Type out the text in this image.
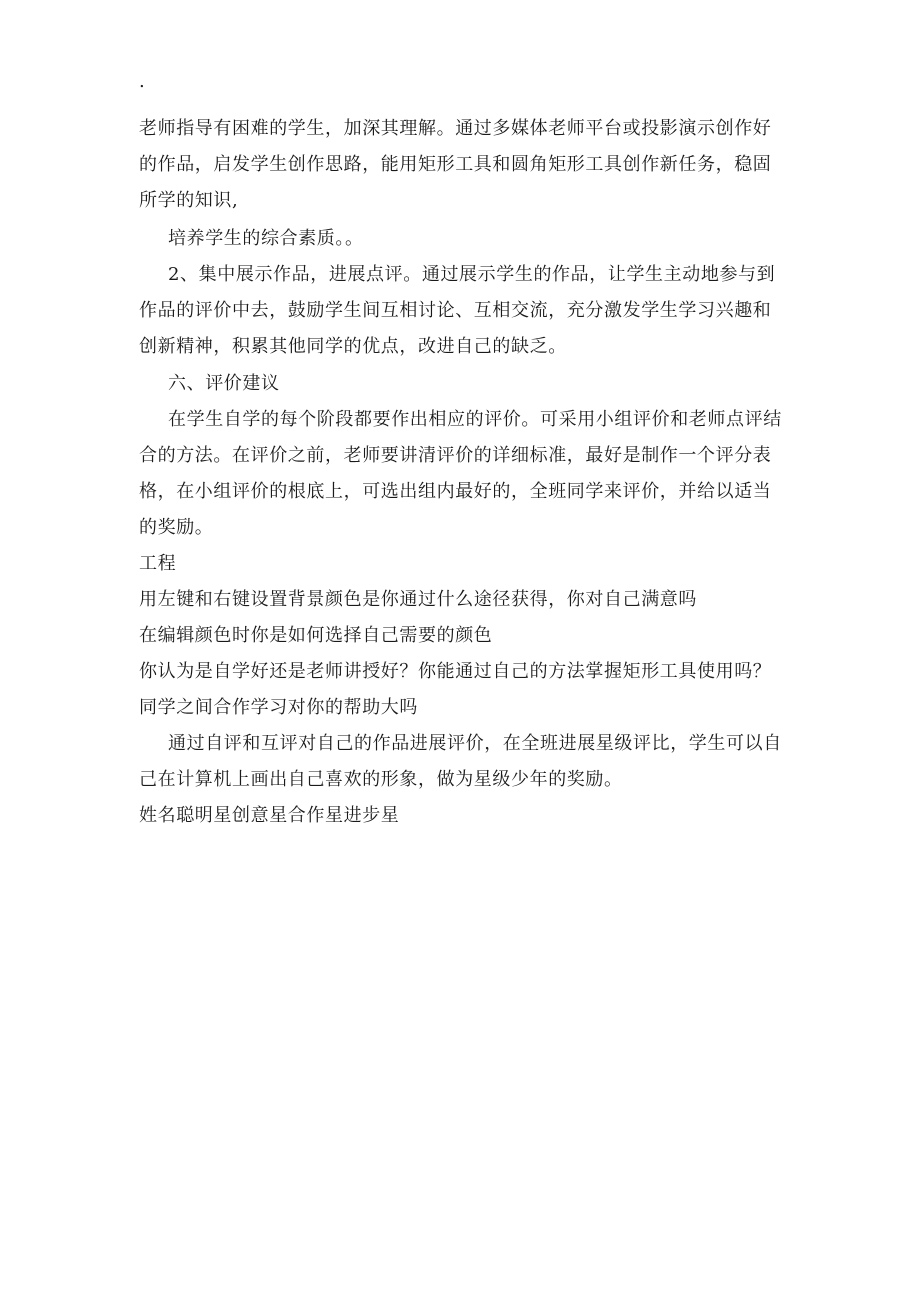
.
老师指导有困难的学生，加深其理解。通过多媒体老师平台或投影演示创作好
的作品，启发学生创作思路，能用矩形工具和圆角矩形工具创作新任务，稳固
所学的知识,
培养学生的综合素质。。
2、集中展示作品，进展点评。通过展示学生的作品，让学生主动地参与到
作品的评价中去，鼓励学生间互相讨论、互相交流，充分激发学生学习兴趣和
创新精神，积累其他同学的优点，改进自己的缺乏。
六、评价建议
在学生自学的每个阶段都要作出相应的评价。可采用小组评价和老师点评结
合的方法。在评价之前，老师要讲清评价的详细标准，最好是制作一个评分表
格，在小组评价的根底上，可选出组内最好的，全班同学来评价，并给以适当
的奖励。
工程
用左键和右键设置背景颜色是你通过什么途径获得，你对自己满意吗
在编辑颜色时你是如何选择自己需要的颜色
你认为是自学好还是老师讲授好？你能通过自己的方法掌握矩形工具使用吗？
同学之间合作学习对你的帮助大吗
通过自评和互评对自己的作品进展评价，在全班进展星级评比，学生可以自
己在计算机上画出自己喜欢的形象，做为星级少年的奖励。
姓名聪明星创意星合作星进步星
